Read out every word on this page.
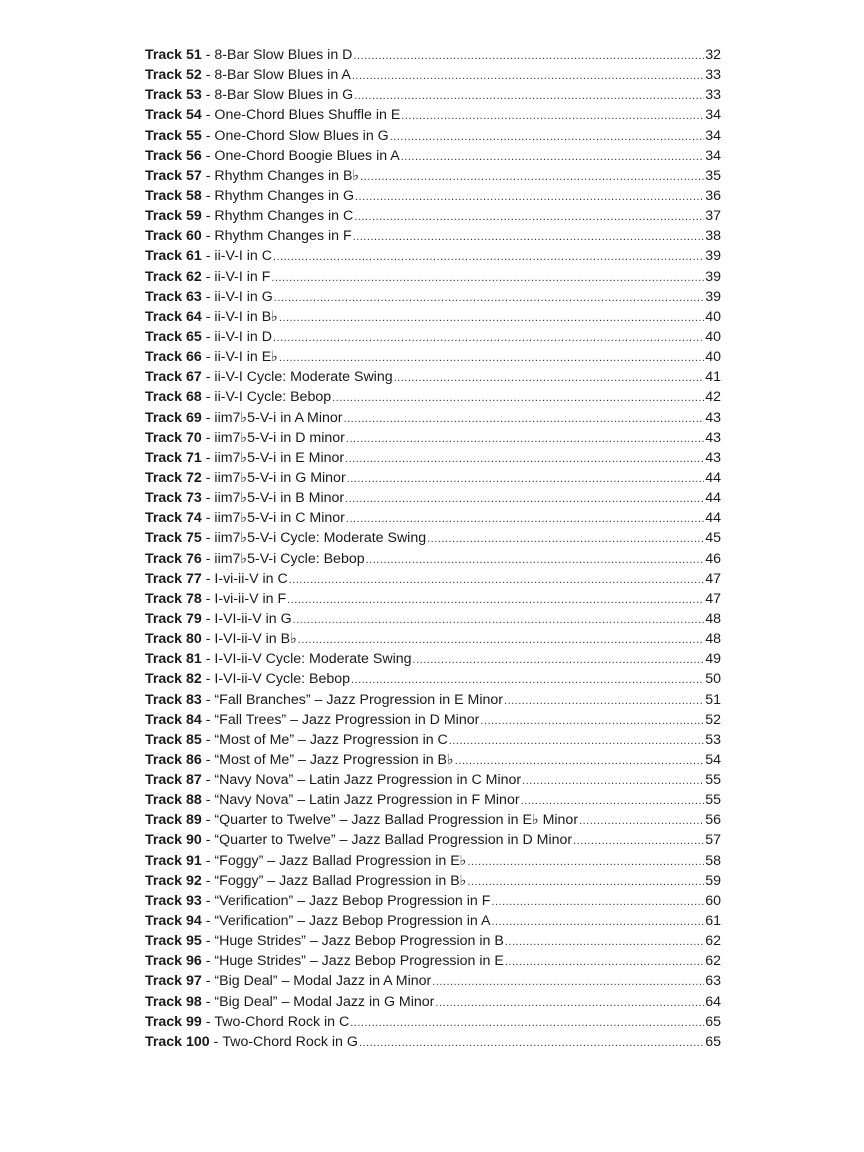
Track 51 - 8-Bar Slow Blues in D .....	32
Track 52 - 8-Bar Slow Blues in A .....	33
Track 53 - 8-Bar Slow Blues in G .....	33
Track 54 - One-Chord Blues Shuffle in E .....	34
Track 55 - One-Chord Slow Blues in G .....	34
Track 56 - One-Chord Boogie Blues in A .....	34
Track 57 - Rhythm Changes in B♭ .....	35
Track 58 - Rhythm Changes in G .....	36
Track 59 - Rhythm Changes in C .....	37
Track 60 - Rhythm Changes in F .....	38
Track 61 - ii-V-I in C .....	39
Track 62 - ii-V-I in F .....	39
Track 63 - ii-V-I in G .....	39
Track 64 - ii-V-I in B♭ .....	40
Track 65 - ii-V-I in D .....	40
Track 66 - ii-V-I in E♭ .....	40
Track 67 - ii-V-I Cycle: Moderate Swing .....	41
Track 68 - ii-V-I Cycle: Bebop .....	42
Track 69 - iim7♭5-V-i in A Minor .....	43
Track 70 - iim7♭5-V-i in D minor .....	43
Track 71 - iim7♭5-V-i in E Minor .....	43
Track 72 - iim7♭5-V-i in G Minor .....	44
Track 73 - iim7♭5-V-i in B Minor .....	44
Track 74 - iim7♭5-V-i in C Minor .....	44
Track 75 - iim7♭5-V-i Cycle: Moderate Swing .....	45
Track 76 - iim7♭5-V-i Cycle: Bebop .....	46
Track 77 - I-vi-ii-V in C .....	47
Track 78 - I-vi-ii-V in F .....	47
Track 79 - I-VI-ii-V in G .....	48
Track 80 - I-VI-ii-V in B♭ .....	48
Track 81 - I-VI-ii-V Cycle: Moderate Swing .....	49
Track 82 - I-VI-ii-V Cycle: Bebop .....	50
Track 83 - “Fall Branches” – Jazz Progression in E Minor .....	51
Track 84 - “Fall Trees” – Jazz Progression in D Minor .....	52
Track 85 - “Most of Me” – Jazz Progression in C .....	53
Track 86 - “Most of Me” – Jazz Progression in B♭ .....	54
Track 87 - “Navy Nova” – Latin Jazz Progression in C Minor .....	55
Track 88 - “Navy Nova” – Latin Jazz Progression in F Minor .....	55
Track 89 - “Quarter to Twelve” – Jazz Ballad Progression in E♭ Minor .....	56
Track 90 - “Quarter to Twelve” – Jazz Ballad Progression in D Minor .....	57
Track 91 - “Foggy” – Jazz Ballad Progression in E♭ .....	58
Track 92 - “Foggy” – Jazz Ballad Progression in B♭ .....	59
Track 93 - “Verification” – Jazz Bebop Progression in F .....	60
Track 94 - “Verification” – Jazz Bebop Progression in A .....	61
Track 95 - “Huge Strides” – Jazz Bebop Progression in B .....	62
Track 96 - “Huge Strides” – Jazz Bebop Progression in E .....	62
Track 97 - “Big Deal” – Modal Jazz in A Minor .....	63
Track 98 - “Big Deal” – Modal Jazz in G Minor .....	64
Track 99 - Two-Chord Rock in C .....	65
Track 100 - Two-Chord Rock in G .....	65
